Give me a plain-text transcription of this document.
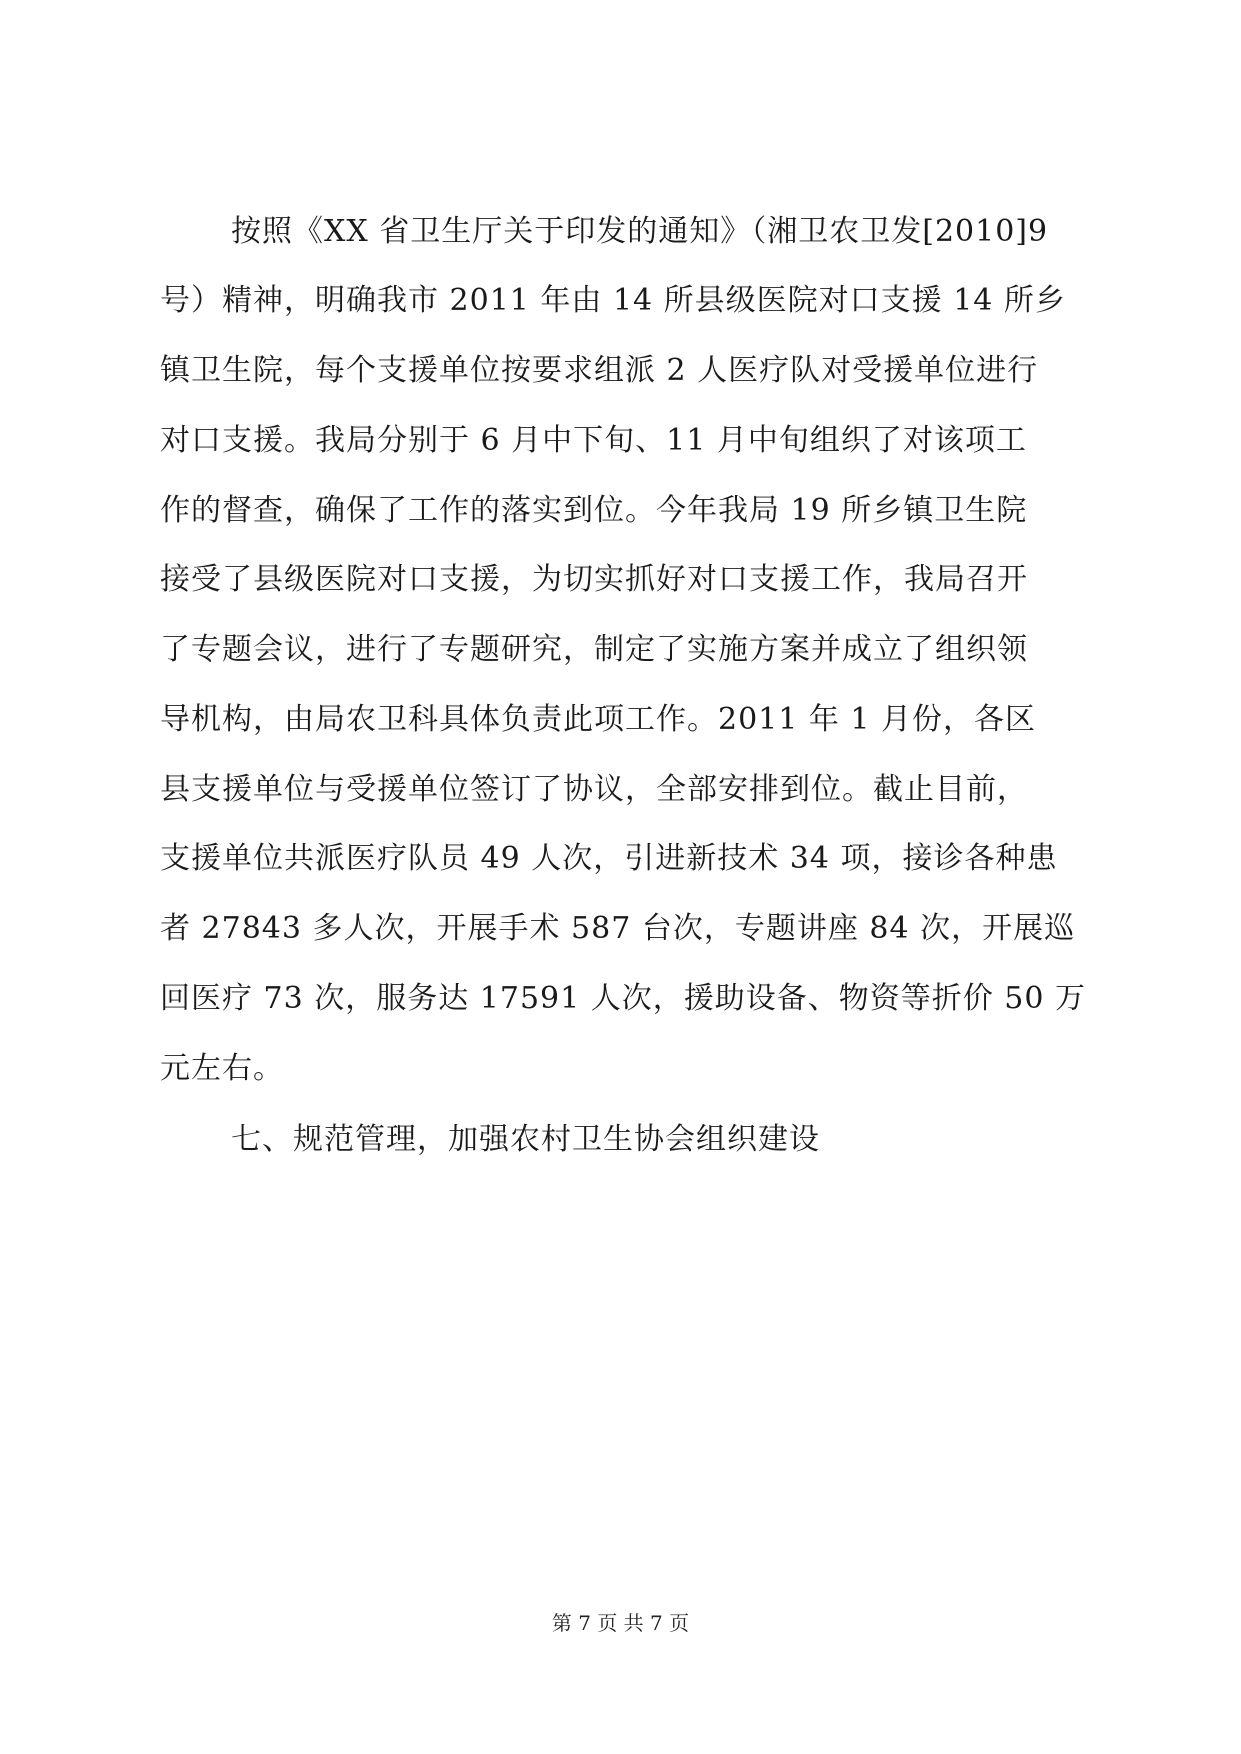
按照《XX 省卫生厅关于印发的通知》（湘卫农卫发[2010]9
号）精神，明确我市 2011 年由 14 所县级医院对口支援 14 所乡
镇卫生院，每个支援单位按要求组派 2 人医疗队对受援单位进行
对口支援。我局分别于 6 月中下旬、11 月中旬组织了对该项工
作的督查，确保了工作的落实到位。今年我局 19 所乡镇卫生院
接受了县级医院对口支援，为切实抓好对口支援工作，我局召开
了专题会议，进行了专题研究，制定了实施方案并成立了组织领
导机构，由局农卫科具体负责此项工作。2011 年 1 月份，各区
县支援单位与受援单位签订了协议，全部安排到位。截止目前，
支援单位共派医疗队员 49 人次，引进新技术 34 项，接诊各种患
者 27843 多人次，开展手术 587 台次，专题讲座 84 次，开展巡
回医疗 73 次，服务达 17591 人次，援助设备、物资等折价 50 万
元左右。
七、规范管理，加强农村卫生协会组织建设
第 7 页 共 7 页
